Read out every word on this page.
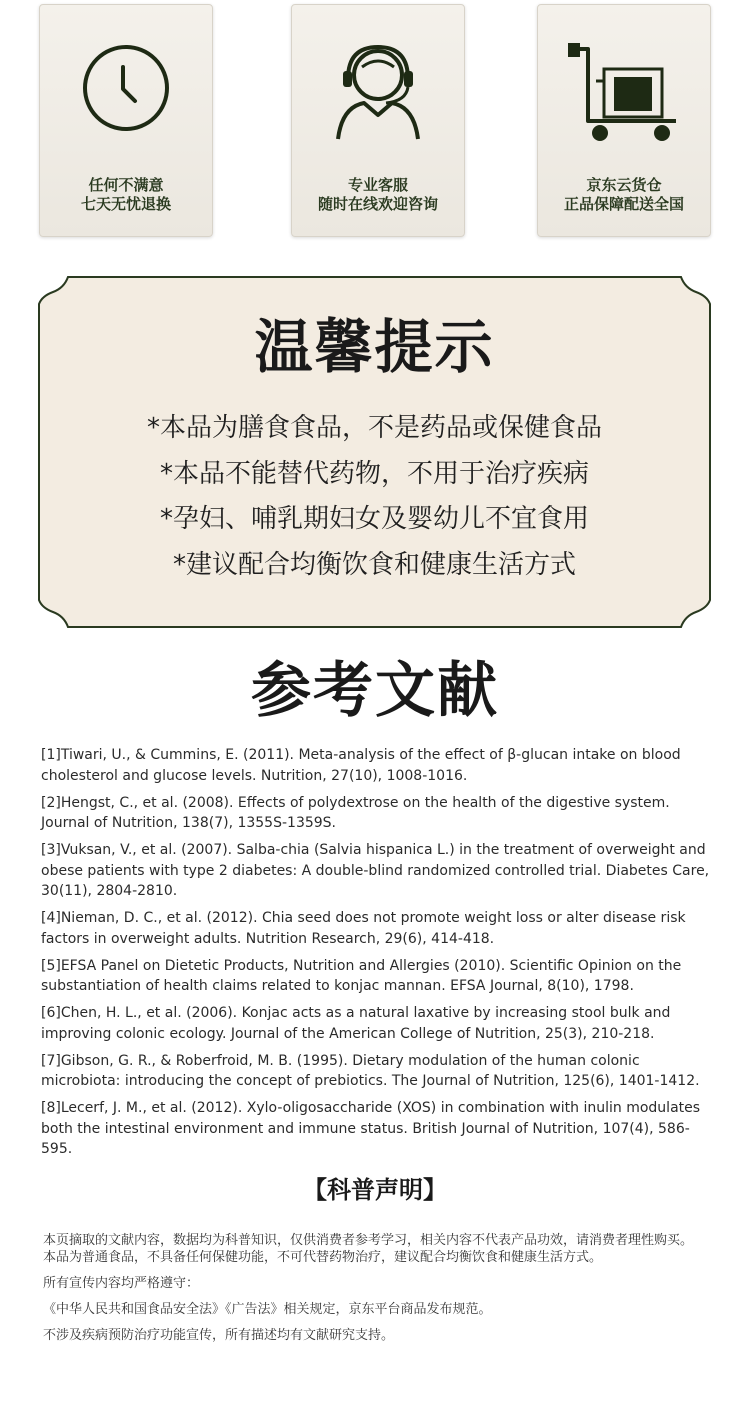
任何不满意
七天无忧退换
专业客服
随时在线欢迎咨询
京东云货仓
正品保障配送全国
温馨提示
*本品为膳食食品，不是药品或保健食品
*本品不能替代药物，不用于治疗疾病
*孕妇、哺乳期妇女及婴幼儿不宜食用
*建议配合均衡饮食和健康生活方式
参考文献
[1]Tiwari, U., & Cummins, E. (2011). Meta-analysis of the effect of β-glucan intake on blood cholesterol and glucose levels. Nutrition, 27(10), 1008-1016.
[2]Hengst, C., et al. (2008). Effects of polydextrose on the health of the digestive system. Journal of Nutrition, 138(7), 1355S-1359S.
[3]Vuksan, V., et al. (2007). Salba-chia (Salvia hispanica L.) in the treatment of overweight and obese patients with type 2 diabetes: A double-blind randomized controlled trial. Diabetes Care, 30(11), 2804-2810.
[4]Nieman, D. C., et al. (2012). Chia seed does not promote weight loss or alter disease risk factors in overweight adults. Nutrition Research, 29(6), 414-418.
[5]EFSA Panel on Dietetic Products, Nutrition and Allergies (2010). Scientific Opinion on the substantiation of health claims related to konjac mannan. EFSA Journal, 8(10), 1798.
[6]Chen, H. L., et al. (2006). Konjac acts as a natural laxative by increasing stool bulk and improving colonic ecology. Journal of the American College of Nutrition, 25(3), 210-218.
[7]Gibson, G. R., & Roberfroid, M. B. (1995). Dietary modulation of the human colonic microbiota: introducing the concept of prebiotics. The Journal of Nutrition, 125(6), 1401-1412.
[8]Lecerf, J. M., et al. (2012). Xylo-oligosaccharide (XOS) in combination with inulin modulates both the intestinal environment and immune status. British Journal of Nutrition, 107(4), 586-595.
【科普声明】
本页摘取的文献内容，数据均为科普知识，仅供消费者参考学习，相关内容不代表产品功效，请消费者理性购买。
本品为普通食品，不具备任何保健功能，不可代替药物治疗，建议配合均衡饮食和健康生活方式。
所有宣传内容均严格遵守：
《中华人民共和国食品安全法》《广告法》相关规定，京东平台商品发布规范。
不涉及疾病预防治疗功能宣传，所有描述均有文献研究支持。
